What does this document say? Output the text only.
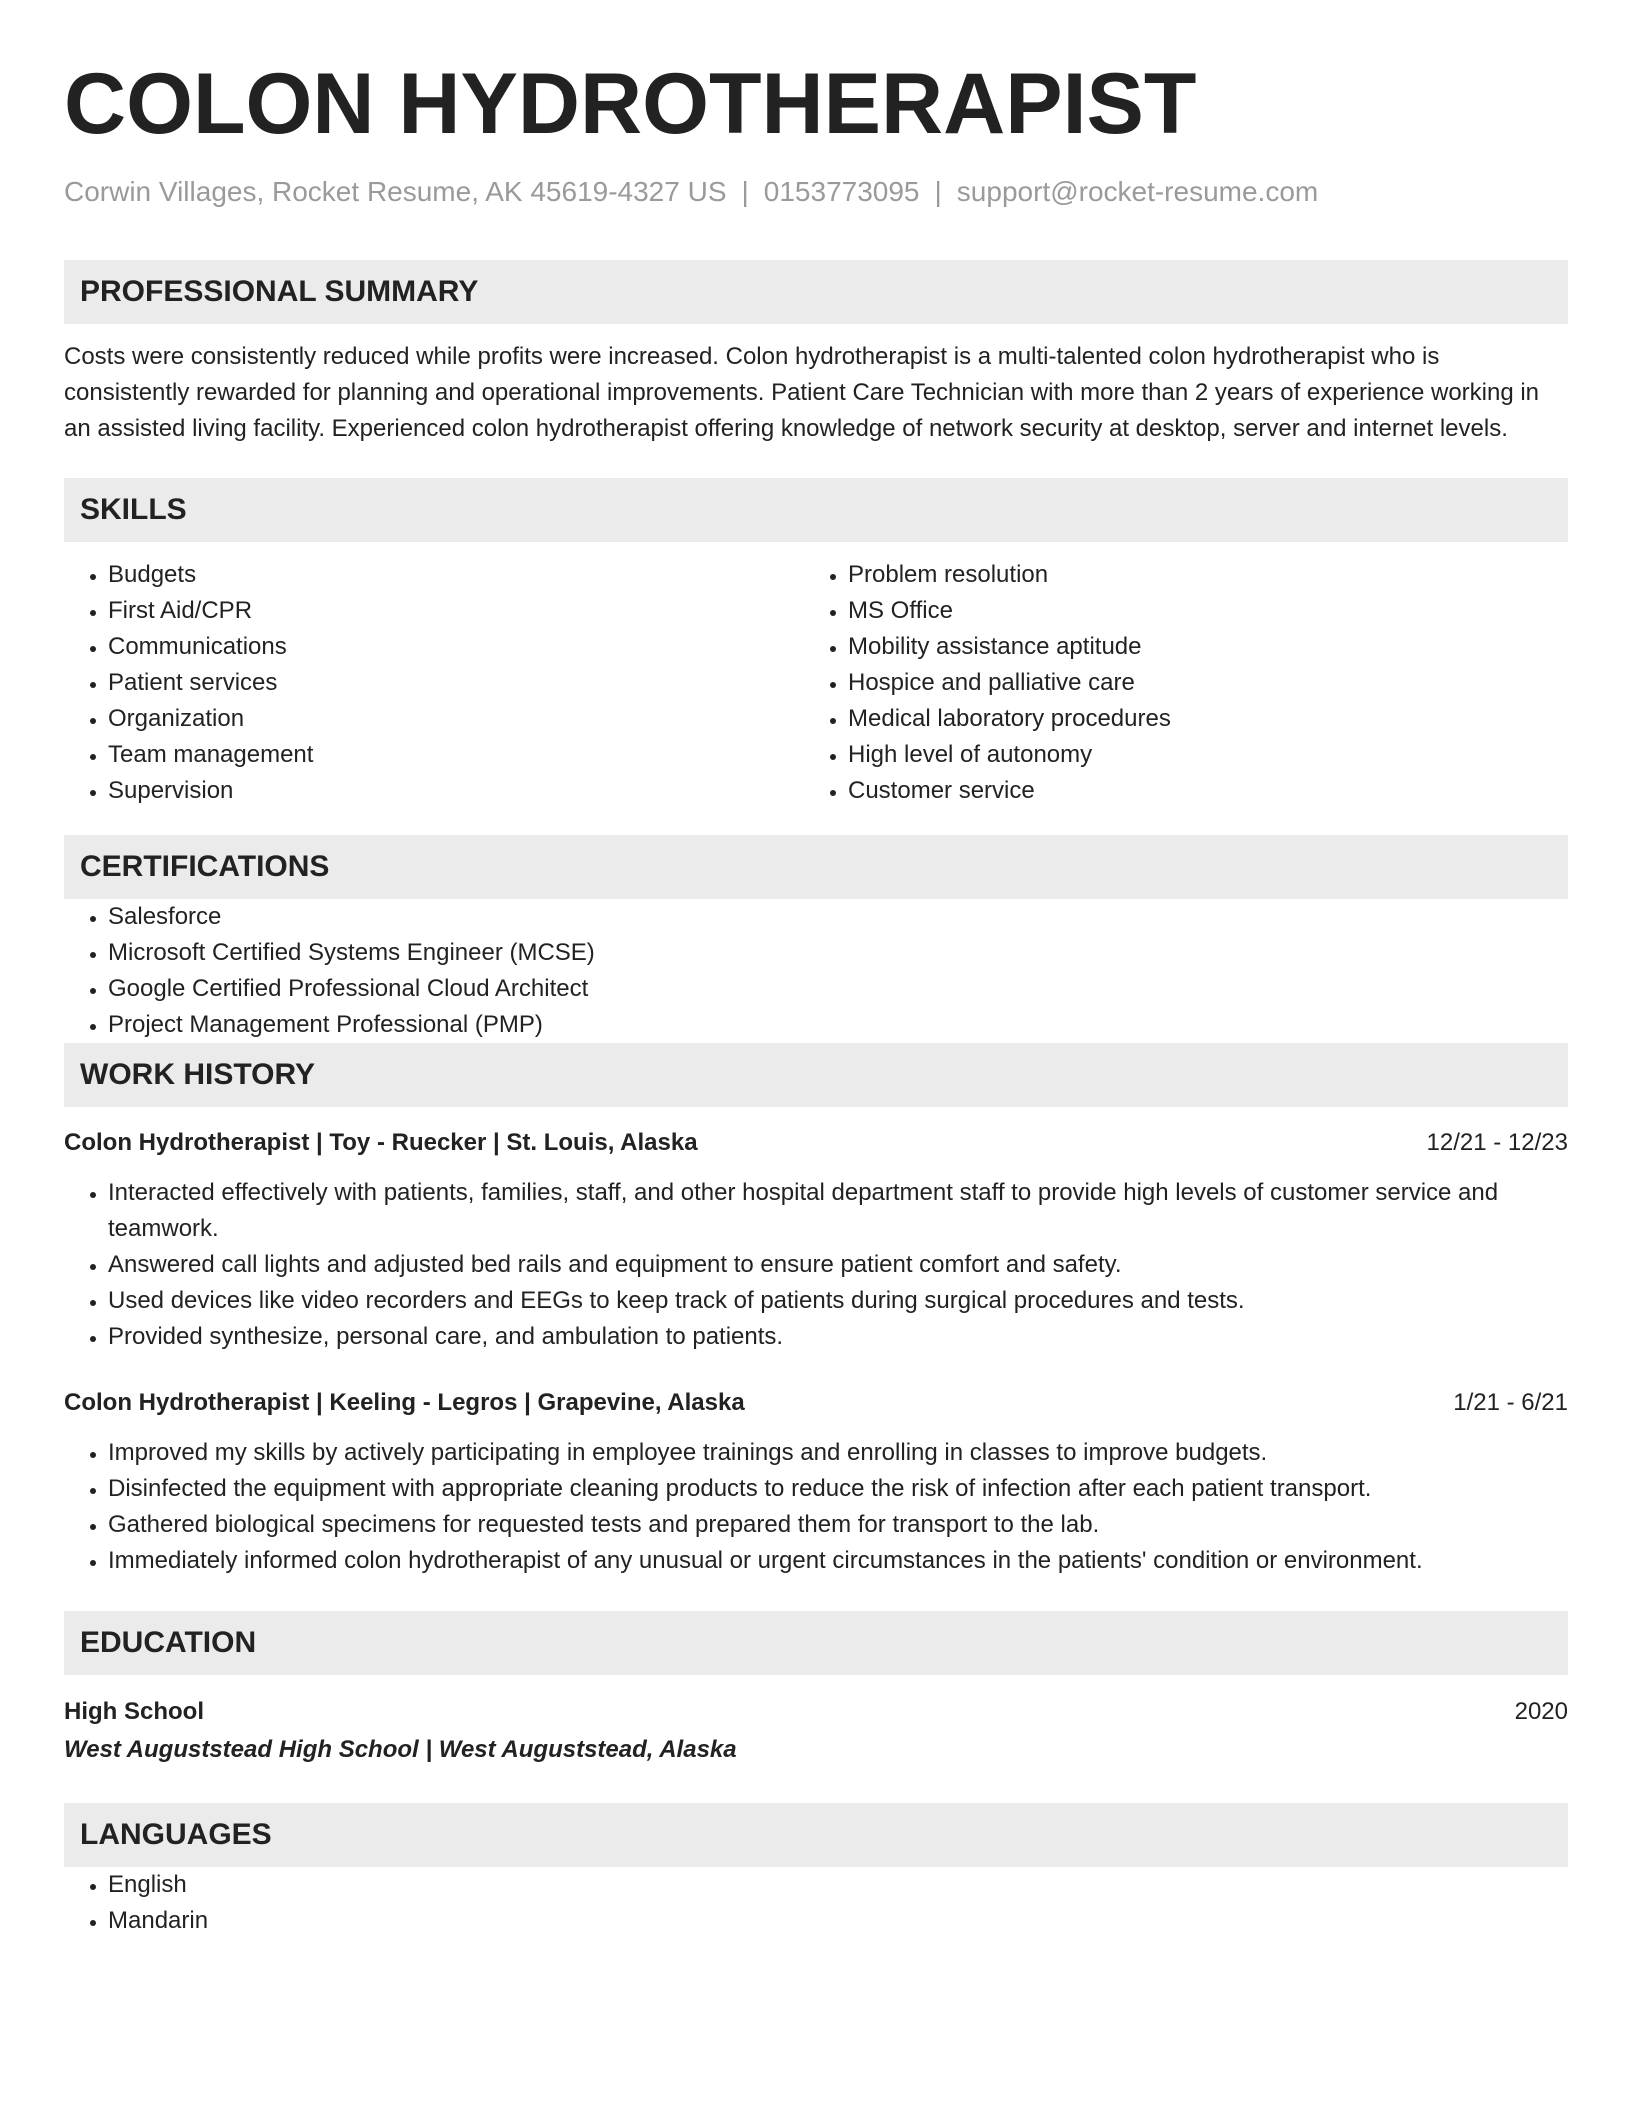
COLON HYDROTHERAPIST
Corwin Villages, Rocket Resume, AK 45619-4327 US | 0153773095 | support@rocket-resume.com
PROFESSIONAL SUMMARY
Costs were consistently reduced while profits were increased. Colon hydrotherapist is a multi-talented colon hydrotherapist who is consistently rewarded for planning and operational improvements. Patient Care Technician with more than 2 years of experience working in an assisted living facility. Experienced colon hydrotherapist offering knowledge of network security at desktop, server and internet levels.
SKILLS
• Budgets
• First Aid/CPR
• Communications
• Patient services
• Organization
• Team management
• Supervision
• Problem resolution
• MS Office
• Mobility assistance aptitude
• Hospice and palliative care
• Medical laboratory procedures
• High level of autonomy
• Customer service
CERTIFICATIONS
• Salesforce
• Microsoft Certified Systems Engineer (MCSE)
• Google Certified Professional Cloud Architect
• Project Management Professional (PMP)
WORK HISTORY
Colon Hydrotherapist | Toy - Ruecker | St. Louis, Alaska	12/21 - 12/23
• Interacted effectively with patients, families, staff, and other hospital department staff to provide high levels of customer service and teamwork.
• Answered call lights and adjusted bed rails and equipment to ensure patient comfort and safety.
• Used devices like video recorders and EEGs to keep track of patients during surgical procedures and tests.
• Provided synthesize, personal care, and ambulation to patients.
Colon Hydrotherapist | Keeling - Legros | Grapevine, Alaska	1/21 - 6/21
• Improved my skills by actively participating in employee trainings and enrolling in classes to improve budgets.
• Disinfected the equipment with appropriate cleaning products to reduce the risk of infection after each patient transport.
• Gathered biological specimens for requested tests and prepared them for transport to the lab.
• Immediately informed colon hydrotherapist of any unusual or urgent circumstances in the patients' condition or environment.
EDUCATION
High School	2020
West Auguststead High School | West Auguststead, Alaska
LANGUAGES
• English
• Mandarin
